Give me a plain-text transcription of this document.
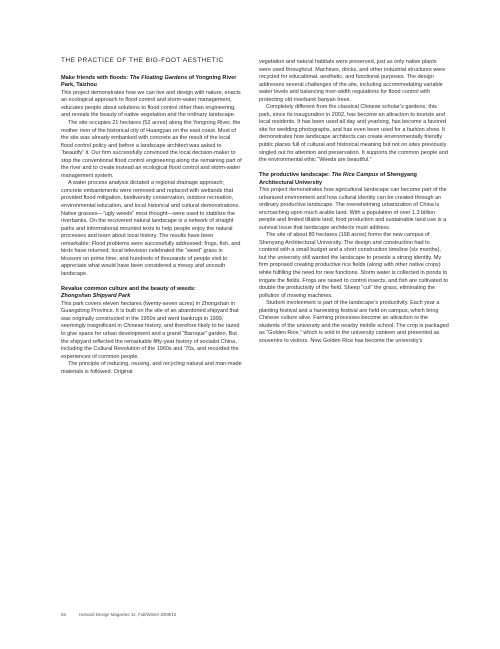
THE PRACTICE OF THE BIG-FOOT AESTHETIC
Make friends with floods: The Floating Gardens of Yongning River Park, Taizhou

This project demonstrates how we can live and design with nature, enacts an ecological approach to flood control and storm-water management, educates people about solutions to flood control other than engineering, and reveals the beauty of native vegetation and the ordinary landscape.

The site occupies 21 hectares (52 acres) along the Yongning River, the mother river of the historical city of Huangyan on the east coast. Most of the site was already embanked with concrete as the result of the local flood control policy and before a landscape architect was asked to “beautify” it. Our firm successfully convinced the local decision-maker to stop the conventional flood control engineering along the remaining part of the river and to create instead an ecological flood control and storm-water management system.

A water process analysis dictated a regional drainage approach; concrete embankments were removed and replaced with wetlands that provided flood mitigation, biodiversity conservation, outdoor recreation, environmental education, and local historical and cultural demonstrations. Native grasses—“ugly weeds” most thought—were used to stabilize the riverbanks. On the recovered natural landscape is a network of straight paths and informational mounted texts to help people enjoy the natural processes and learn about local history. The results have been remarkable: Flood problems were successfully addressed; frogs, fish, and birds have returned; local television celebrated the “weed” grass in blossom on prime time; and hundreds of thousands of people visit to appreciate what would have been considered a messy and uncouth landscape.

Revalue common culture and the beauty of weeds:
Zhongshan Shipyard Park

This park covers eleven hectares (twenty-seven acres) in Zhongshan in Guangdong Province. It is built on the site of an abandoned shipyard that was originally constructed in the 1950s and went bankrupt in 1999, seemingly insignificant in Chinese history, and therefore likely to be razed to give space for urban development and a grand “Baroque” garden. But the shipyard reflected the remarkable fifty-year history of socialist China, including the Cultural Revolution of the 1960s and ’70s, and recorded the experiences of common people.

The principle of reducing, reusing, and recycling natural and man-made materials is followed. Original

vegetation and natural habitats were preserved, just as only native plants were used throughout. Machines, docks, and other industrial structures were recycled for educational, aesthetic, and functional purposes. The design addresses several challenges of the site, including accommodating variable water levels and balancing river-width regulations for flood control with protecting old riverbank banyan trees.

Completely different from the classical Chinese scholar’s gardens, this park, since its inauguration in 2002, has become an attraction to tourists and local residents. It has been used all day and yearlong, has become a favored site for wedding photographs, and has even been used for a fashion show. It demonstrates how landscape architects can create environmentally friendly public places full of cultural and historical meaning but not on sites previously singled out for attention and preservation. It supports the common people and the environmental ethic “Weeds are beautiful.”

The productive landscape: The Rice Campus of Shengyang Architectural University

This project demonstrates how agricultural landscape can become part of the urbanized environment and how cultural identity can be created through an ordinary productive landscape. The overwhelming urbanization of China is encroaching upon much arable land. With a population of over 1.3 billion people and limited tillable land, food production and sustainable land use is a survival issue that landscape architects must address.

The site of about 80 hectares (198 acres) forms the new campus of Shenyang Architectural University. The design and construction had to contend with a small budget and a short construction timeline (six months), but the university still wanted the landscape to provide a strong identity. My firm proposed creating productive rice fields (along with other native crops) while fulfilling the need for new functions. Storm water is collected in ponds to irrigate the fields. Frogs are raised to control insects, and fish are cultivated to double the productivity of the field. Sheep “cut” the grass, eliminating the pollution of mowing machines.

Student involvement is part of the landscape’s productivity. Each year a planting festival and a harvesting festival are held on campus, which bring Chinese culture alive. Farming processes become an attraction to the students of the university and the nearby middle school. The crop is packaged as “Golden Rice,” which is sold in the university canteen and presented as souvenirs to visitors. Now Golden Rice has become the university’s

56	Harvard Design Magazine 31, Fall/Winter 2009/10
